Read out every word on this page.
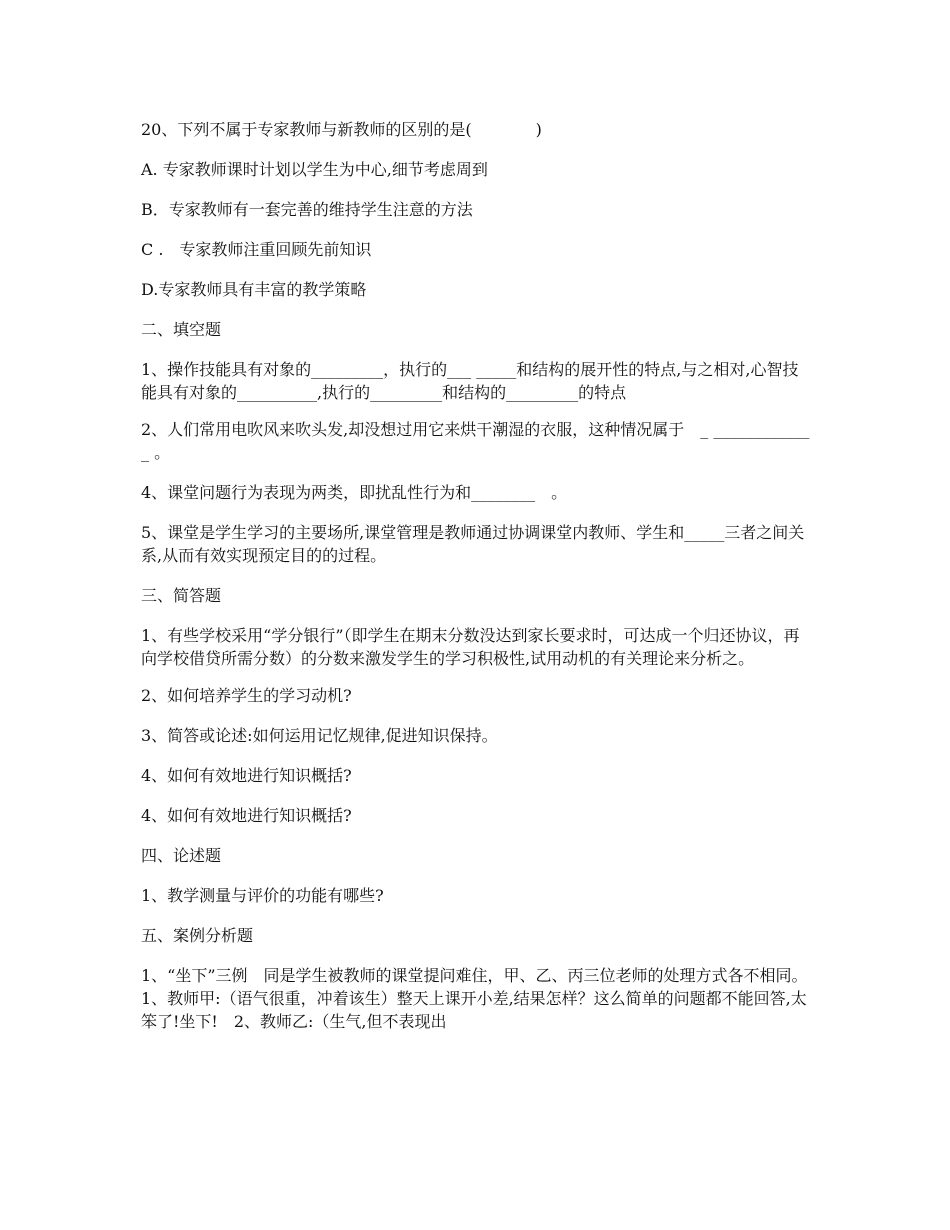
20、下列不属于专家教师与新教师的区别的是(　　　　)

A. 专家教师课时计划以学生为中心,细节考虑周到

B．专家教师有一套完善的维持学生注意的方法

C .　专家教师注重回顾先前知识

D.专家教师具有丰富的教学策略

二、填空题

1、操作技能具有对象的_________，执行的___ _____和结构的展开性的特点,与之相对,心智技能具有对象的__________,执行的_________和结构的_________的特点

2、人们常用电吹风来吹头发,却没想过用它来烘干潮湿的衣服，这种情况属于　_ _____________ 。

4、课堂问题行为表现为两类，即扰乱性行为和________　。

5、课堂是学生学习的主要场所,课堂管理是教师通过协调课堂内教师、学生和_____三者之间关系,从而有效实现预定目的的过程。

三、简答题

1、有些学校采用“学分银行”（即学生在期末分数没达到家长要求时，可达成一个归还协议，再向学校借贷所需分数）的分数来激发学生的学习积极性,试用动机的有关理论来分析之。

2、如何培养学生的学习动机?

3、简答或论述:如何运用记忆规律,促进知识保持。

4、如何有效地进行知识概括?

4、如何有效地进行知识概括?

四、论述题

1、教学测量与评价的功能有哪些?

五、案例分析题

1、“坐下”三例　同是学生被教师的课堂提问难住，甲、乙、丙三位老师的处理方式各不相同。　 1、教师甲:（语气很重，冲着该生）整天上课开小差,结果怎样？这么简单的问题都不能回答,太笨了!坐下!　2、教师乙:（生气,但不表现出
